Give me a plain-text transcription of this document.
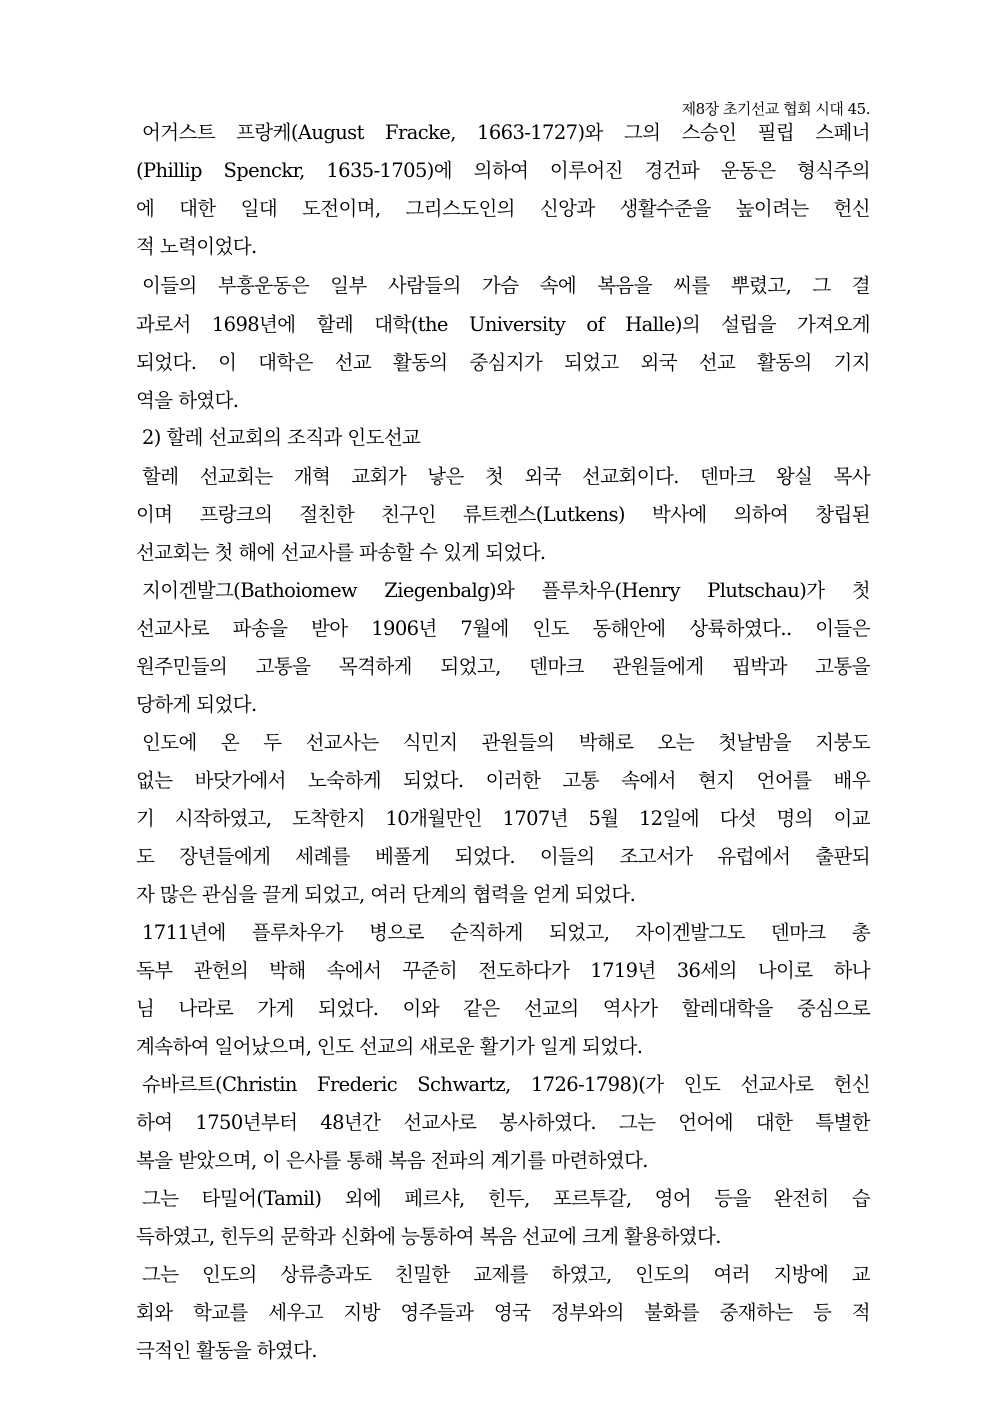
제8장 초기선교 협회 시대 45.
어거스트 프랑케(August Fracke, 1663-1727)와 그의 스승인 필립 스페너
(Phillip Spenckr, 1635-1705)에 의하여 이루어진 경건파 운동은 형식주의
에 대한 일대 도전이며, 그리스도인의 신앙과 생활수준을 높이려는 헌신
적 노력이었다.
이들의 부흥운동은 일부 사람들의 가슴 속에 복음을 씨를 뿌렸고, 그 결
과로서 1698년에 할레 대학(the University of Halle)의 설립을 가져오게
되었다. 이 대학은 선교 활동의 중심지가 되었고 외국 선교 활동의 기지
역을 하였다.
2) 할레 선교회의 조직과 인도선교
할레 선교회는 개혁 교회가 낳은 첫 외국 선교회이다. 덴마크 왕실 목사
이며 프랑크의 절친한 친구인 류트켄스(Lutkens) 박사에 의하여 창립된
선교회는 첫 해에 선교사를 파송할 수 있게 되었다.
지이겐발그(Bathoiomew Ziegenbalg)와 플루차우(Henry Plutschau)가 첫
선교사로 파송을 받아 1906년 7월에 인도 동해안에 상륙하였다.. 이들은
원주민들의 고통을 목격하게 되었고, 덴마크 관원들에게 핍박과 고통을
당하게 되었다.
인도에 온 두 선교사는 식민지 관원들의 박해로 오는 첫날밤을 지붕도
없는 바닷가에서 노숙하게 되었다. 이러한 고통 속에서 현지 언어를 배우
기 시작하였고, 도착한지 10개월만인 1707년 5월 12일에 다섯 명의 이교
도 장년들에게 세례를 베풀게 되었다. 이들의 조고서가 유럽에서 출판되
자 많은 관심을 끌게 되었고, 여러 단계의 협력을 얻게 되었다.
1711년에 플루차우가 병으로 순직하게 되었고, 자이겐발그도 덴마크 총
독부 관헌의 박해 속에서 꾸준히 전도하다가 1719년 36세의 나이로 하나
님 나라로 가게 되었다. 이와 같은 선교의 역사가 할레대학을 중심으로
계속하여 일어났으며, 인도 선교의 새로운 활기가 일게 되었다.
슈바르트(Christin Frederic Schwartz, 1726-1798)(가 인도 선교사로 헌신
하여 1750년부터 48년간 선교사로 봉사하였다. 그는 언어에 대한 특별한
복을 받았으며, 이 은사를 통해 복음 전파의 계기를 마련하였다.
그는 타밀어(Tamil) 외에 페르샤, 힌두, 포르투갈, 영어 등을 완전히 습
득하였고, 힌두의 문학과 신화에 능통하여 복음 선교에 크게 활용하였다.
그는 인도의 상류층과도 친밀한 교제를 하였고, 인도의 여러 지방에 교
회와 학교를 세우고 지방 영주들과 영국 정부와의 불화를 중재하는 등 적
극적인 활동을 하였다.
